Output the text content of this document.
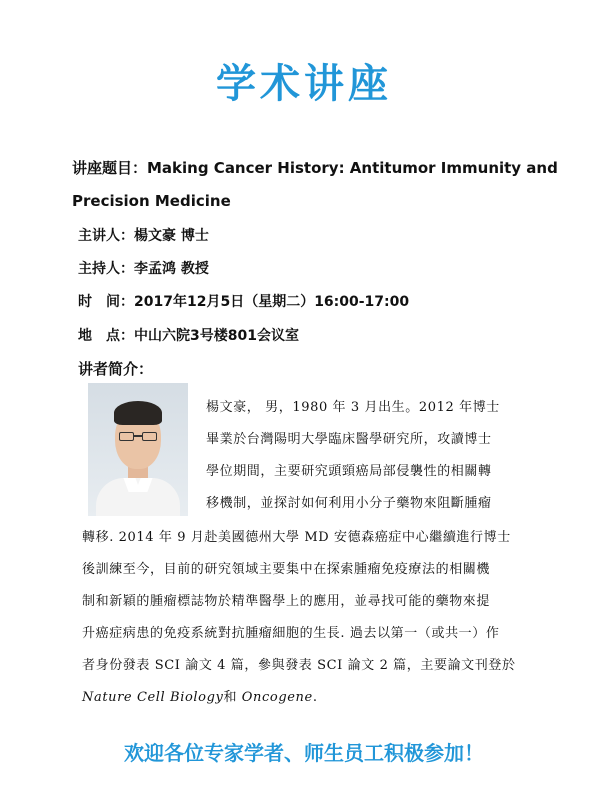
学术讲座
讲座题目：Making Cancer History: Antitumor Immunity and Precision Medicine
主讲人：楊文豪 博士
主持人：李孟鸿 教授
时　间：2017年12月5日（星期二）16:00-17:00
地　点：中山六院3号楼801会议室
讲者简介：
楊文豪， 男，1980 年 3 月出生。2012 年博士
畢業於台灣陽明大學臨床醫學研究所，攻讀博士
學位期間，主要研究頭頸癌局部侵襲性的相關轉
移機制，並探討如何利用小分子藥物來阻斷腫瘤
轉移. 2014 年 9 月赴美國德州大學 MD 安德森癌症中心繼續進行博士
後訓練至今，目前的研究領域主要集中在探索腫瘤免疫療法的相關機
制和新穎的腫瘤標誌物於精準醫學上的應用，並尋找可能的藥物來提
升癌症病患的免疫系統對抗腫瘤細胞的生長. 過去以第一（或共一）作
者身份發表 SCI 論文 4 篇，參與發表 SCI 論文 2 篇，主要論文刊登於
Nature Cell Biology和 Oncogene.
欢迎各位专家学者、师生员工积极参加！
